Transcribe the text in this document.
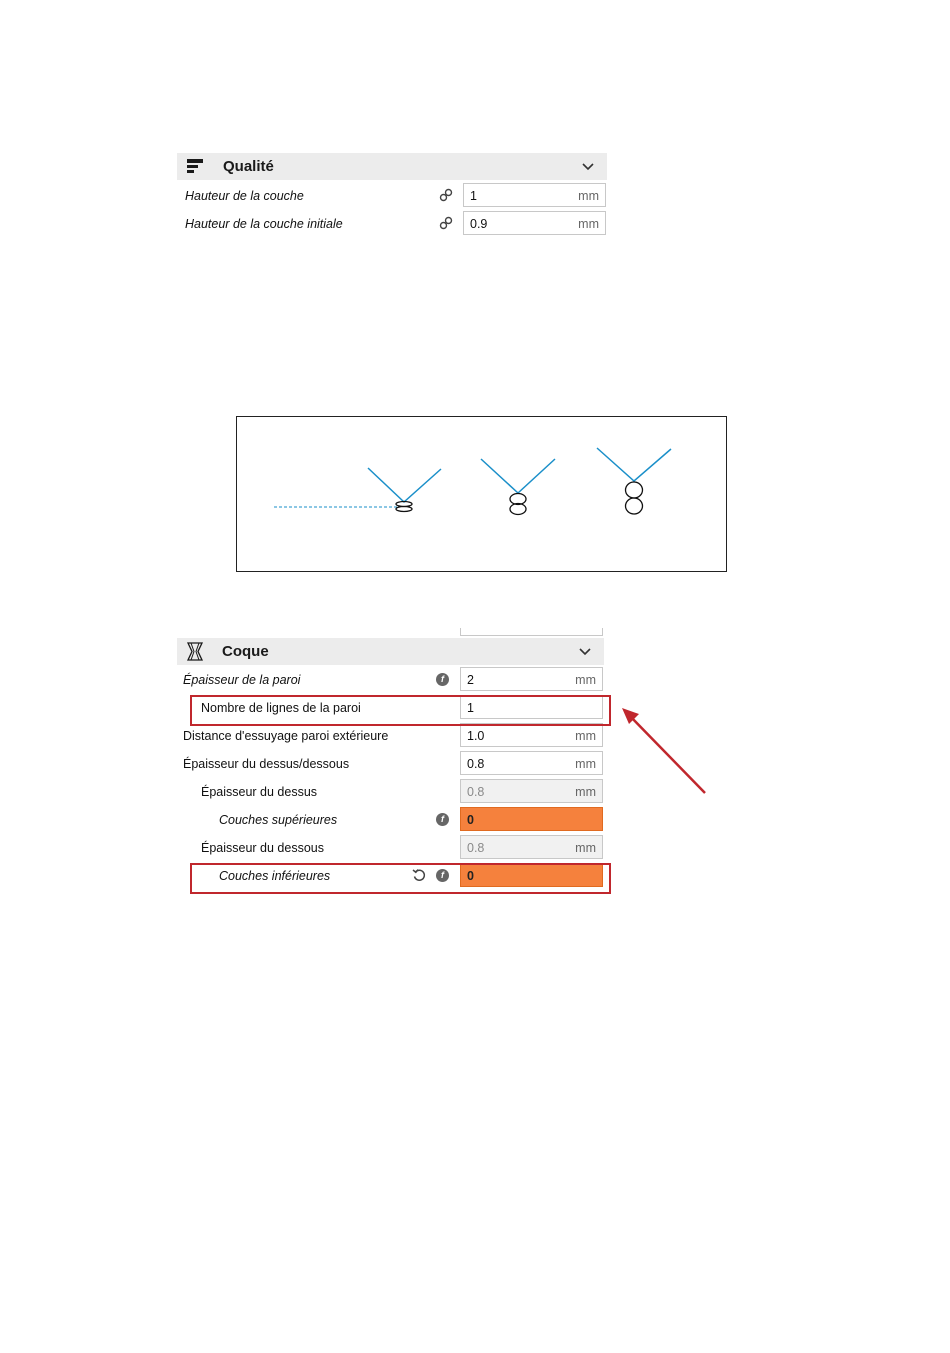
Qualité
Hauteur de la couche	1	mm
Hauteur de la couche initiale	0.9	mm
Coque
Épaisseur de la paroi	f	2	mm
Nombre de lignes de la paroi	1
Distance d'essuyage paroi extérieure	1.0	mm
Épaisseur du dessus/dessous	0.8	mm
Épaisseur du dessus	0.8	mm
Couches supérieures	f	0
Épaisseur du dessous	0.8	mm
Couches inférieures	f	0
